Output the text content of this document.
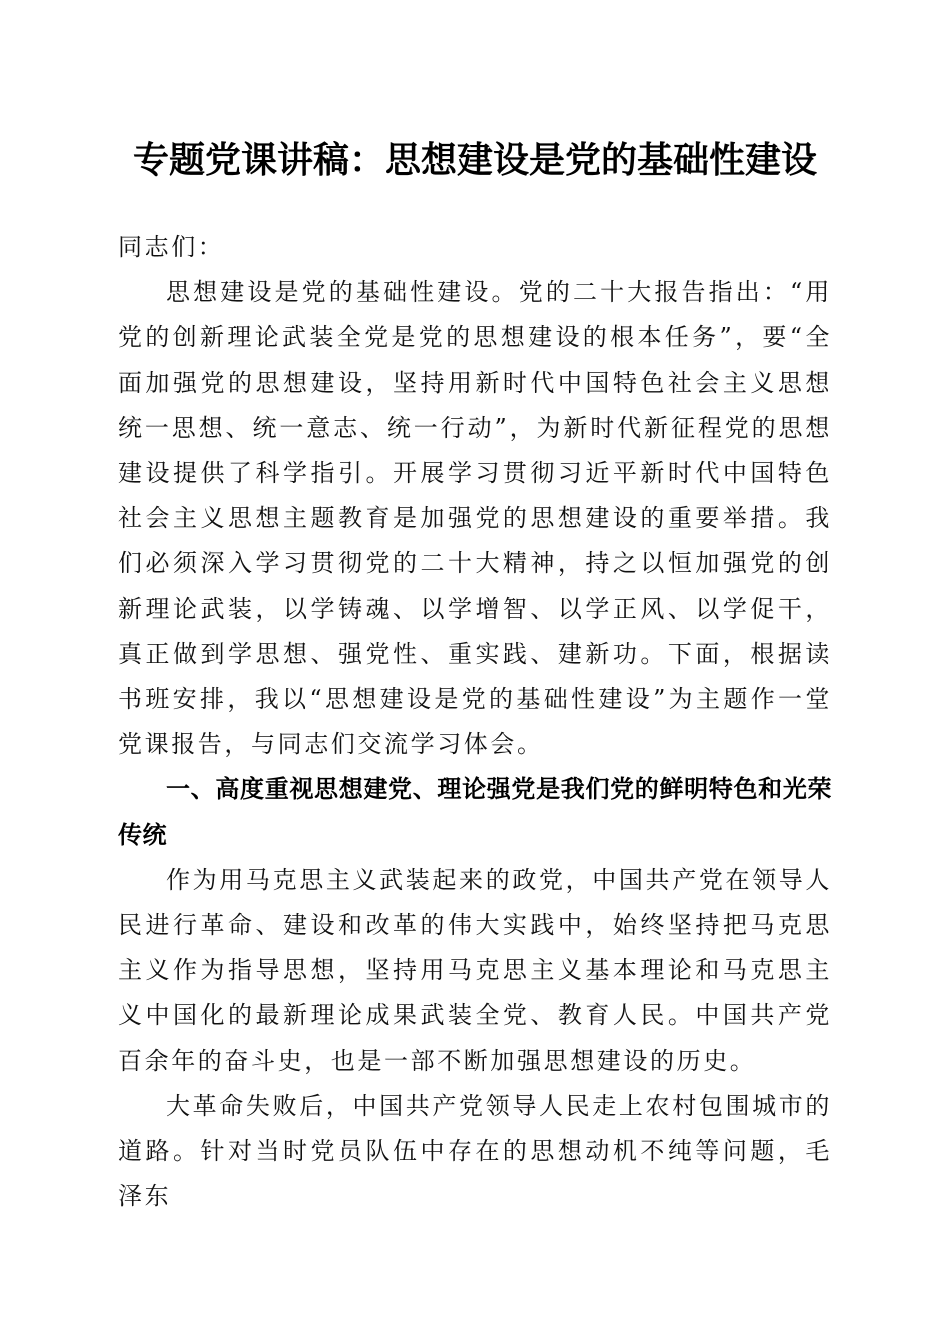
专题党课讲稿：思想建设是党的基础性建设

同志们：

思想建设是党的基础性建设。党的二十大报告指出：“用党的创新理论武装全党是党的思想建设的根本任务”，要“全面加强党的思想建设，坚持用新时代中国特色社会主义思想统一思想、统一意志、统一行动”，为新时代新征程党的思想建设提供了科学指引。开展学习贯彻习近平新时代中国特色社会主义思想主题教育是加强党的思想建设的重要举措。我们必须深入学习贯彻党的二十大精神，持之以恒加强党的创新理论武装，以学铸魂、以学增智、以学正风、以学促干，真正做到学思想、强党性、重实践、建新功。下面，根据读书班安排，我以“思想建设是党的基础性建设”为主题作一堂党课报告，与同志们交流学习体会。

一、高度重视思想建党、理论强党是我们党的鲜明特色和光荣传统

作为用马克思主义武装起来的政党，中国共产党在领导人民进行革命、建设和改革的伟大实践中，始终坚持把马克思主义作为指导思想，坚持用马克思主义基本理论和马克思主义中国化的最新理论成果武装全党、教育人民。中国共产党百余年的奋斗史，也是一部不断加强思想建设的历史。

大革命失败后，中国共产党领导人民走上农村包围城市的道路。针对当时党员队伍中存在的思想动机不纯等问题，毛泽东
